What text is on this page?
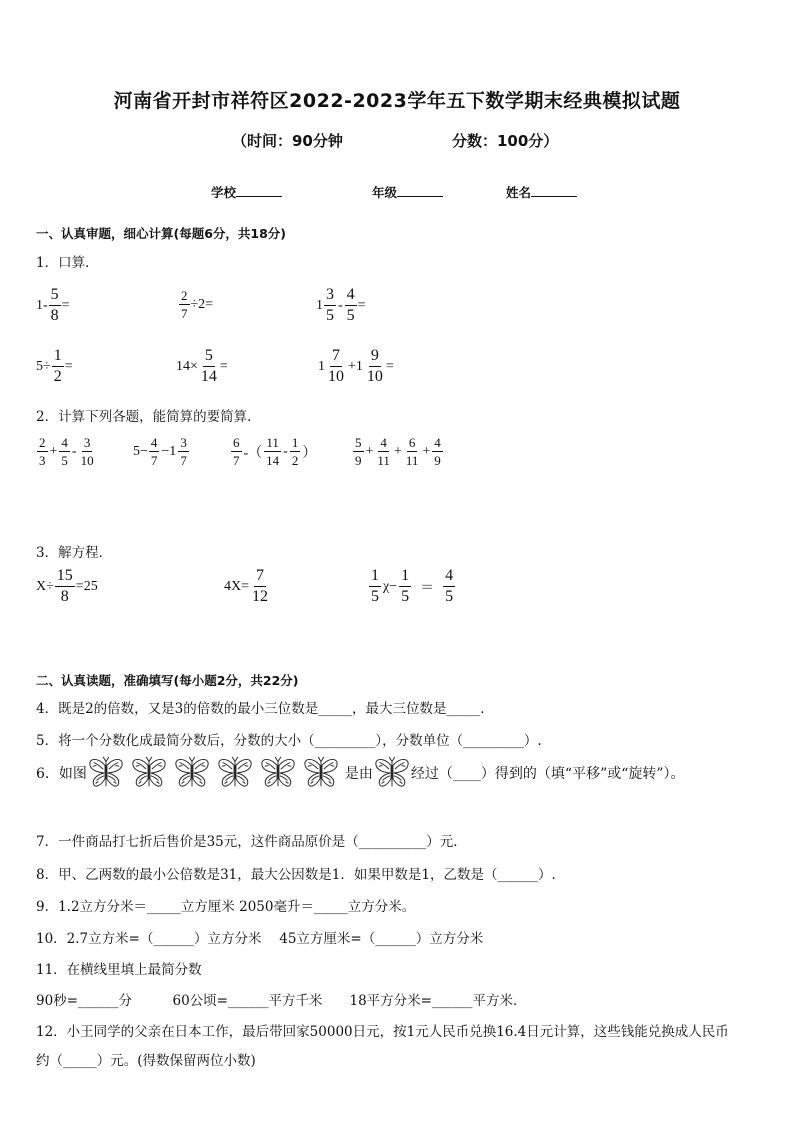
河南省开封市祥符区2022-2023学年五下数学期末经典模拟试题
（时间：90分钟	分数：100分）
学校	年级	姓名
一、认真审题，细心计算(每题6分，共18分)
1．口算．
$1- \frac{5}{8}$ =	$\frac{2}{7} \div 2=$	$1 \frac{3}{5} - \frac{4}{5}$ =
$5\div \frac{1}{2}$ =	$14\times \frac{5}{14}$ =	$1 \frac{7}{10} +1 \frac{9}{10}$ =
2．计算下列各题，能简算的要简算．
$\frac{2}{3} + \frac{4}{5} - \frac{3}{10}$	$5- \frac{4}{7} -1 \frac{3}{7}$	$\frac{6}{7}$ -（ $\frac{11}{14} - \frac{1}{2}$ ）	$\frac{5}{9} + \frac{4}{11} + \frac{6}{11} + \frac{4}{9}$
3．解方程．
$X\div \frac{15}{8} =25$	$4X= \frac{7}{12}$	$\frac{1}{5} \chi- \frac{1}{5} = \frac{4}{5}$
二、认真读题，准确填写(每小题2分，共22分)
4．既是2的倍数，又是3的倍数的最小三位数是_____，最大三位数是_____．
5．将一个分数化成最简分数后，分数的大小（_________），分数单位（_________）.
6．如图	是由	经过（____）得到的（填“平移”或“旋转”）。
7．一件商品打七折后售价是35元，这件商品原价是（__________）元．
8．甲、乙两数的最小公倍数是31，最大公因数是1．如果甲数是1，乙数是（______）.
9．1.2立方分米＝_____立方厘米 2050毫升＝_____立方分米。
10．2.7立方米=（______）立方分米　 45立方厘米=（______）立方分米
11．在横线里填上最简分数
90秒=______分　　　60公顷=______平方千米　　18平方分米=______平方米．
12．小王同学的父亲在日本工作，最后带回家50000日元，按1元人民币兑换16.4日元计算，这些钱能兑换成人民币
约（_____）元。(得数保留两位小数)
